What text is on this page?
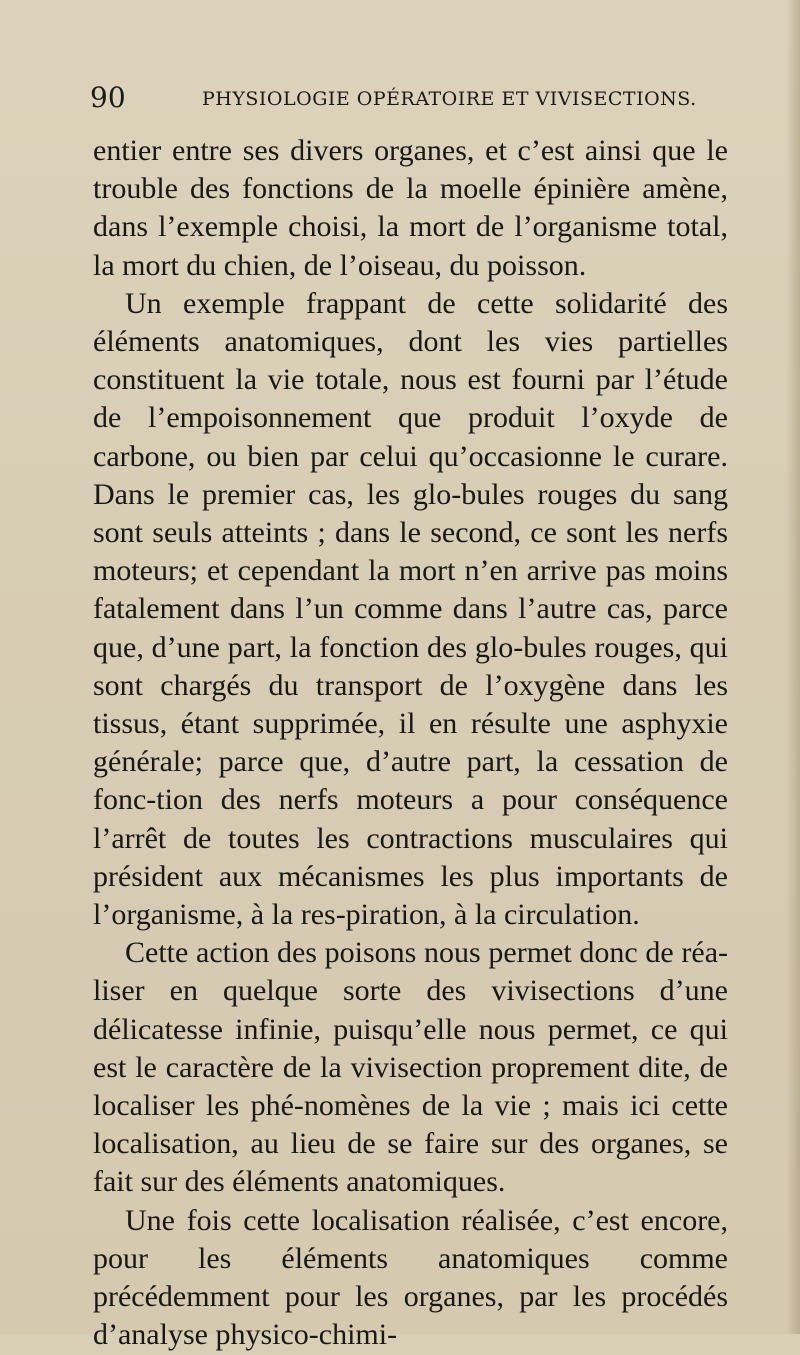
90	PHYSIOLOGIE OPÉRATOIRE ET VIVISECTIONS.

entier entre ses divers organes, et c’est ainsi que le trouble des fonctions de la moelle épinière amène, dans l’exemple choisi, la mort de l’organisme total, la mort du chien, de l’oiseau, du poisson.

Un exemple frappant de cette solidarité des éléments anatomiques, dont les vies partielles constituent la vie totale, nous est fourni par l’étude de l’empoisonnement que produit l’oxyde de carbone, ou bien par celui qu’occasionne le curare. Dans le premier cas, les glo-bules rouges du sang sont seuls atteints ; dans le second, ce sont les nerfs moteurs; et cependant la mort n’en arrive pas moins fatalement dans l’un comme dans l’autre cas, parce que, d’une part, la fonction des glo-bules rouges, qui sont chargés du transport de l’oxygène dans les tissus, étant supprimée, il en résulte une asphyxie générale; parce que, d’autre part, la cessation de fonc-tion des nerfs moteurs a pour conséquence l’arrêt de toutes les contractions musculaires qui président aux mécanismes les plus importants de l’organisme, à la res-piration, à la circulation.

Cette action des poisons nous permet donc de réa-liser en quelque sorte des vivisections d’une délicatesse infinie, puisqu’elle nous permet, ce qui est le caractère de la vivisection proprement dite, de localiser les phé-nomènes de la vie ; mais ici cette localisation, au lieu de se faire sur des organes, se fait sur des éléments anatomiques.

Une fois cette localisation réalisée, c’est encore, pour les éléments anatomiques comme précédemment pour les organes, par les procédés d’analyse physico-chimi-
